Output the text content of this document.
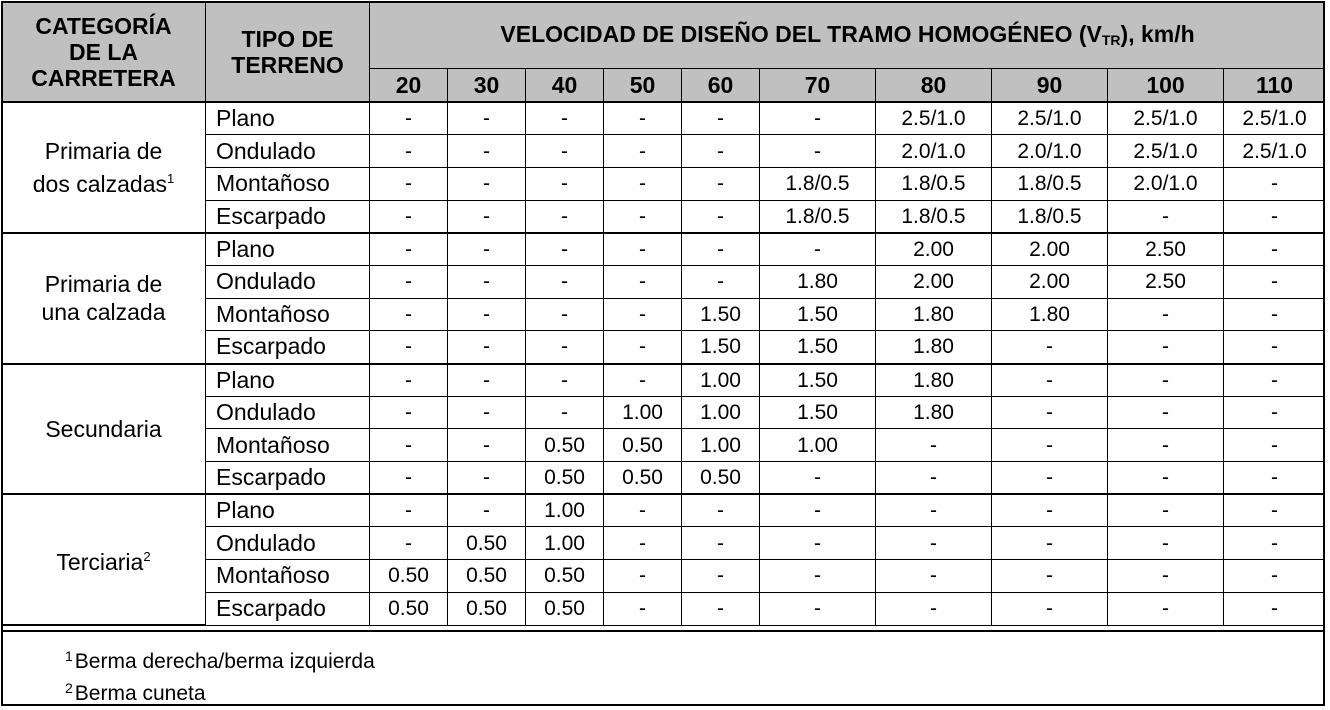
CATEGORÍA
DE LA
CARRETERA	TIPO DE
TERRENO	VELOCIDAD DE DISEÑO DEL TRAMO HOMOGÉNEO $(V_{TR})$, km/h									
		20	30	40	50	60	70	80	90	100	110
Primaria de
dos calzadas$^1$	Plano	-	-	-	-	-	-	2.5/1.0	2.5/1.0	2.5/1.0	2.5/1.0
	Ondulado	-	-	-	-	-	-	2.0/1.0	2.0/1.0	2.5/1.0	2.5/1.0
	Montañoso	-	-	-	-	-	1.8/0.5	1.8/0.5	1.8/0.5	2.0/1.0	-
	Escarpado	-	-	-	-	-	1.8/0.5	1.8/0.5	1.8/0.5	-	-
Primaria de
una calzada	Plano	-	-	-	-	-	-	2.00	2.00	2.50	-
	Ondulado	-	-	-	-	-	1.80	2.00	2.00	2.50	-
	Montañoso	-	-	-	-	1.50	1.50	1.80	1.80	-	-
	Escarpado	-	-	-	-	1.50	1.50	1.80	-	-	-
Secundaria	Plano	-	-	-	-	1.00	1.50	1.80	-	-	-
	Ondulado	-	-	-	1.00	1.00	1.50	1.80	-	-	-
	Montañoso	-	-	0.50	0.50	1.00	1.00	-	-	-	-
	Escarpado	-	-	0.50	0.50	0.50	-	-	-	-	-
Terciaria$^2$	Plano	-	-	1.00	-	-	-	-	-	-	-
	Ondulado	-	0.50	1.00	-	-	-	-	-	-	-
	Montañoso	0.50	0.50	0.50	-	-	-	-	-	-	-
	Escarpado	0.50	0.50	0.50	-	-	-	-	-	-	-
$^1$Berma derecha/berma izquierda
$^2$Berma cuneta
